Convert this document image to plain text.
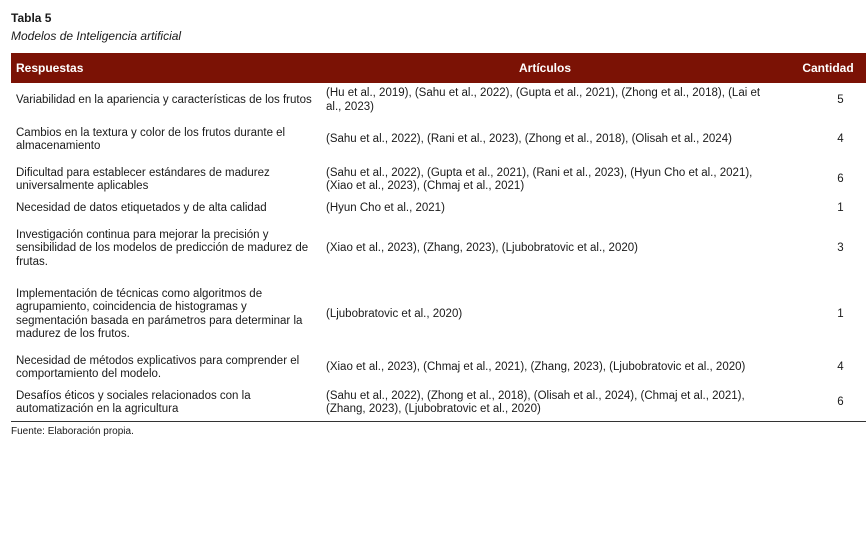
Tabla 5

Modelos de Inteligencia artificial

Respuestas	Artículos	Cantidad
Variabilidad en la apariencia y características de los frutos	(Hu et al., 2019), (Sahu et al., 2022), (Gupta et al., 2021), (Zhong et al., 2018), (Lai et al., 2023)	5
Cambios en la textura y color de los frutos durante el almacenamiento	(Sahu et al., 2022), (Rani et al., 2023), (Zhong et al., 2018), (Olisah et al., 2024)	4
Dificultad para establecer estándares de madurez universalmente aplicables	(Sahu et al., 2022), (Gupta et al., 2021), (Rani et al., 2023), (Hyun Cho et al., 2021), (Xiao et al., 2023), (Chmaj et al., 2021)	6
Necesidad de datos etiquetados y de alta calidad	(Hyun Cho et al., 2021)	1
Investigación continua para mejorar la precisión y sensibilidad de los modelos de predicción de madurez de frutas.	(Xiao et al., 2023), (Zhang, 2023), (Ljubobratovic et al., 2020)	3
Implementación de técnicas como algoritmos de agrupamiento, coincidencia de histogramas y segmentación basada en parámetros para determinar la madurez de los frutos.	(Ljubobratovic et al., 2020)	1
Necesidad de métodos explicativos para comprender el comportamiento del modelo.	(Xiao et al., 2023), (Chmaj et al., 2021), (Zhang, 2023), (Ljubobratovic et al., 2020)	4
Desafíos éticos y sociales relacionados con la automatización en la agricultura	(Sahu et al., 2022), (Zhong et al., 2018), (Olisah et al., 2024), (Chmaj et al., 2021), (Zhang, 2023), (Ljubobratovic et al., 2020)	6
Fuente: Elaboración propia.
